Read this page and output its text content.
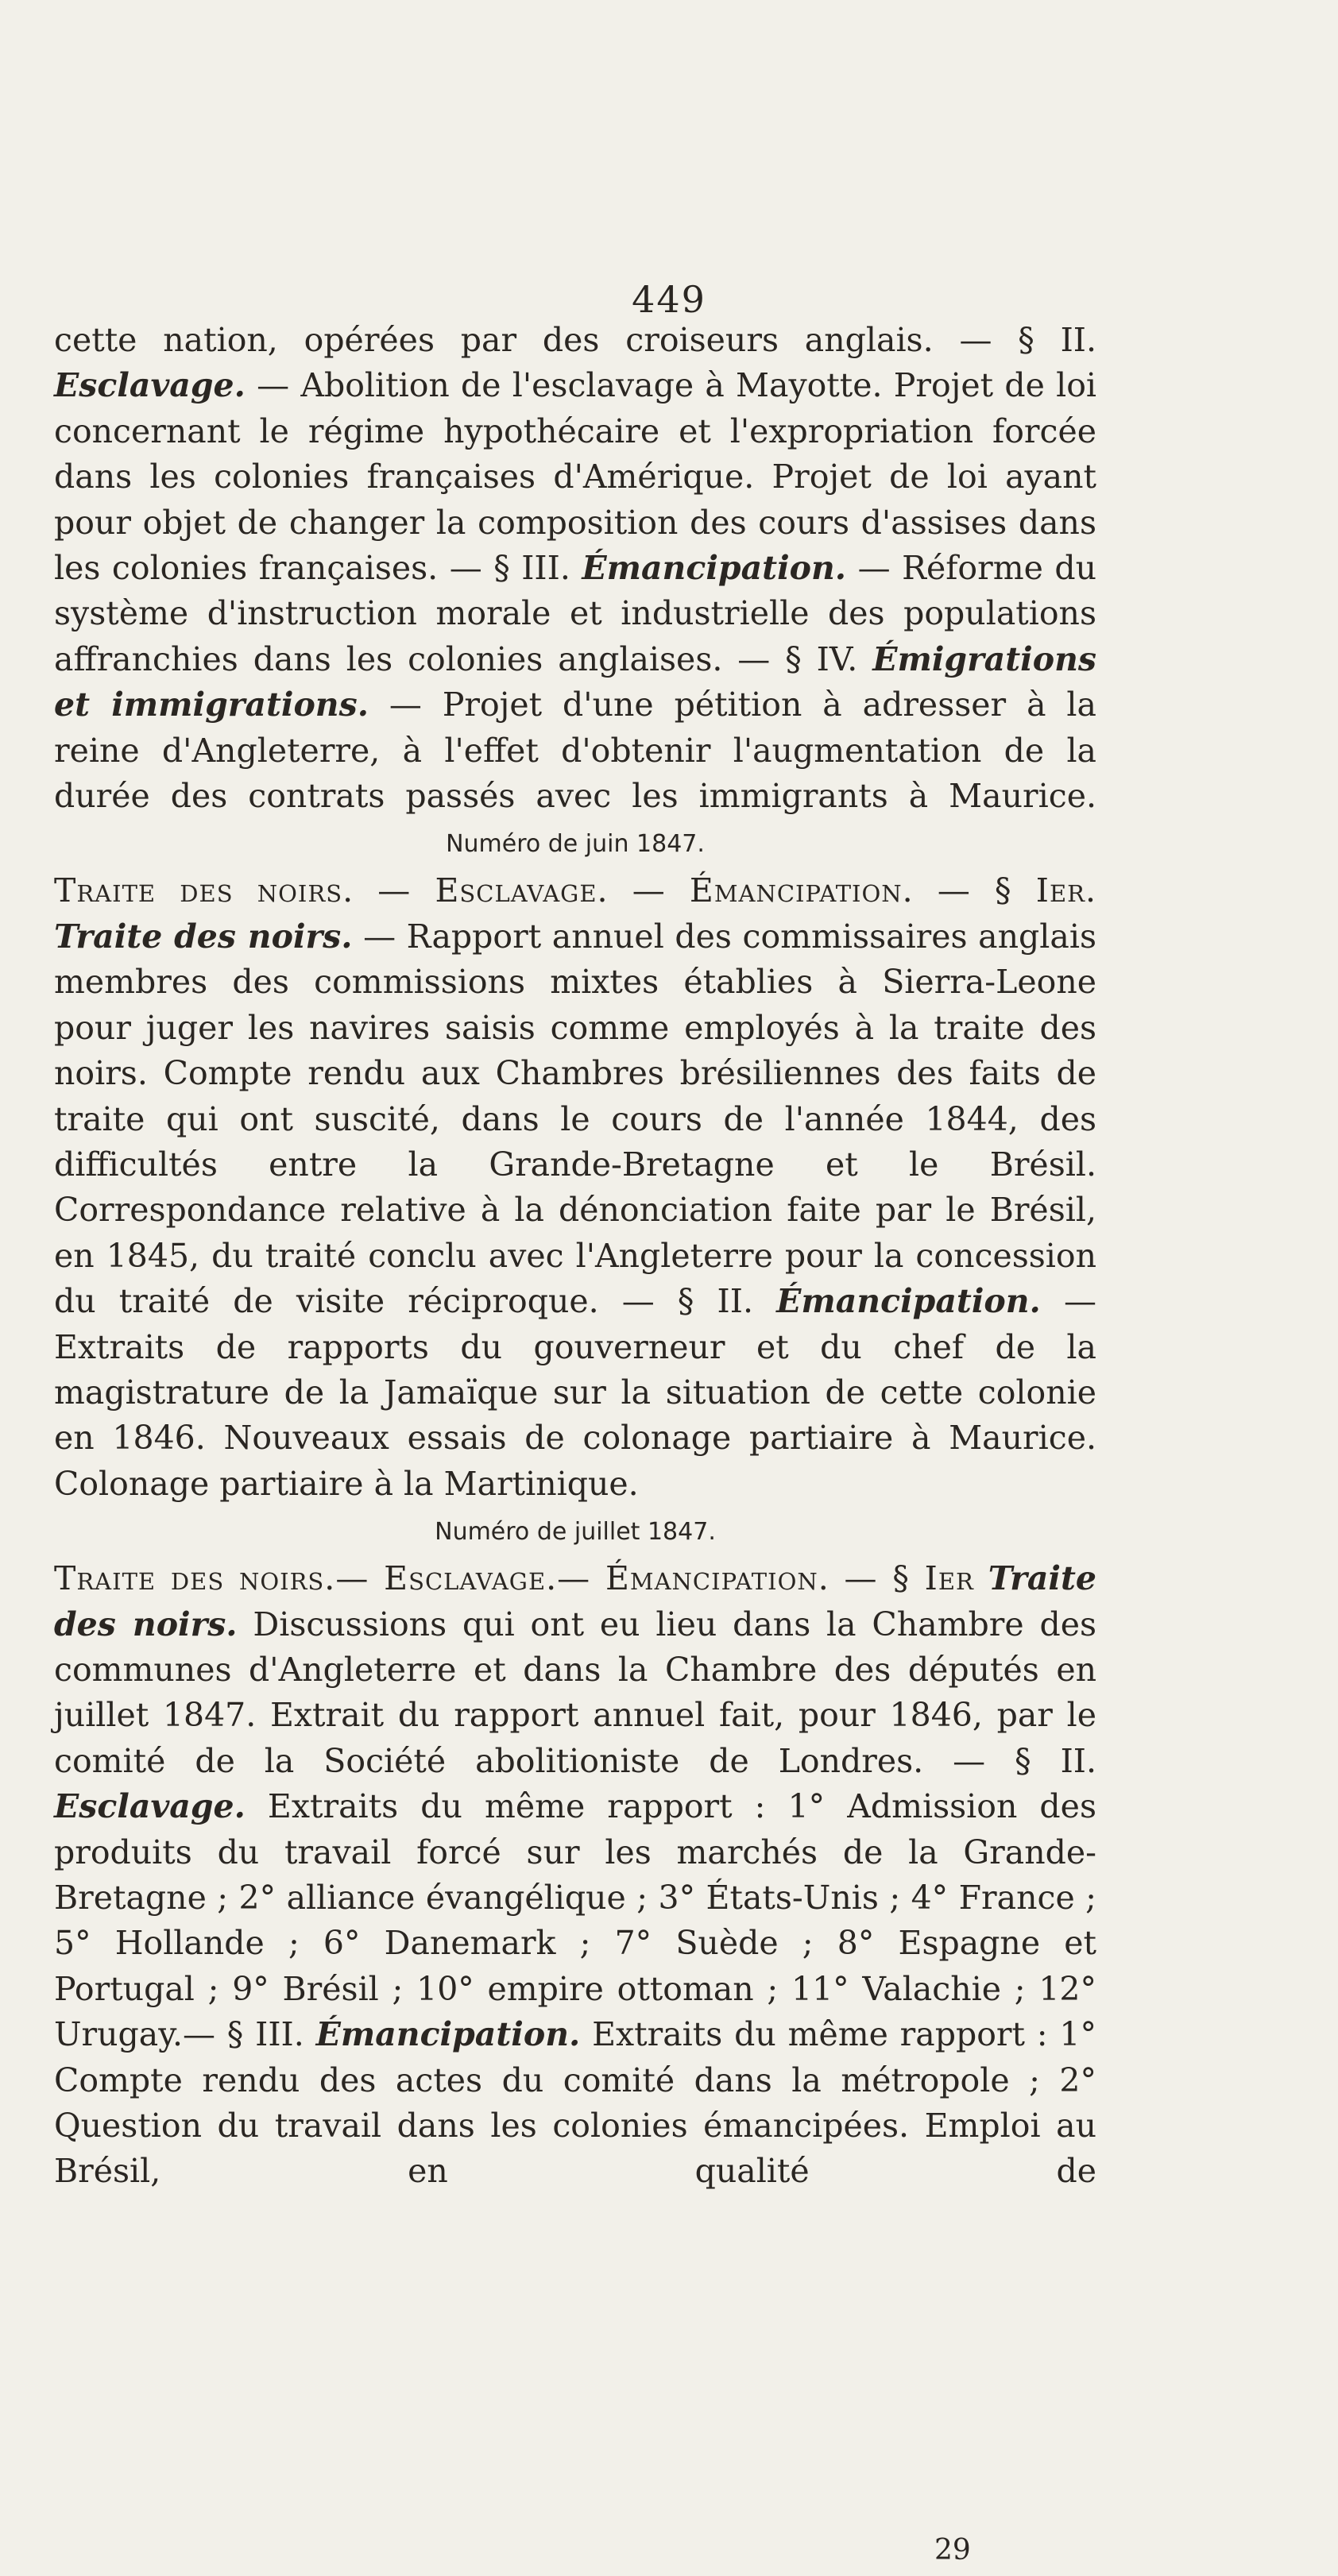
449

cette nation, opérées par des croiseurs anglais. — § II. Esclavage. — Abolition de l'esclavage à Mayotte. Projet de loi concernant le régime hypothécaire et l'expropriation forcée dans les colonies françaises d'Amérique. Projet de loi ayant pour objet de changer la composition des cours d'assises dans les colonies françaises. — § III. Émancipation. — Réforme du système d'instruction morale et industrielle des populations affranchies dans les colonies anglaises. — § IV. Émigrations et immigrations. — Projet d'une pétition à adresser à la reine d'Angleterre, à l'effet d'obtenir l'augmentation de la durée des contrats passés avec les immigrants à Maurice.

Numéro de juin 1847.

Traite des noirs. — Esclavage. — Émancipation. — § Ier. Traite des noirs. — Rapport annuel des commissaires anglais membres des commissions mixtes établies à Sierra-Leone pour juger les navires saisis comme employés à la traite des noirs. Compte rendu aux Chambres brésiliennes des faits de traite qui ont suscité, dans le cours de l'année 1844, des difficultés entre la Grande-Bretagne et le Brésil. Correspondance relative à la dénonciation faite par le Brésil, en 1845, du traité conclu avec l'Angleterre pour la concession du traité de visite réciproque. — § II. Émancipation. — Extraits de rapports du gouverneur et du chef de la magistrature de la Jamaïque sur la situation de cette colonie en 1846. Nouveaux essais de colonage partiaire à Maurice. Colonage partiaire à la Martinique.

Numéro de juillet 1847.

Traite des noirs.— Esclavage.— Émancipation. — § Ier Traite des noirs. Discussions qui ont eu lieu dans la Chambre des communes d'Angleterre et dans la Chambre des députés en juillet 1847. Extrait du rapport annuel fait, pour 1846, par le comité de la Société abolitioniste de Londres. — § II. Esclavage. Extraits du même rapport : 1° Admission des produits du travail forcé sur les marchés de la Grande-Bretagne ; 2° alliance évangélique ; 3° États-Unis ; 4° France ; 5° Hollande ; 6° Danemark ; 7° Suède ; 8° Espagne et Portugal ; 9° Brésil ; 10° empire ottoman ; 11° Valachie ; 12° Urugay.— § III. Émancipation. Extraits du même rapport : 1° Compte rendu des actes du comité dans la métropole ; 2° Question du travail dans les colonies émancipées. Emploi au Brésil, en qualité de

29
